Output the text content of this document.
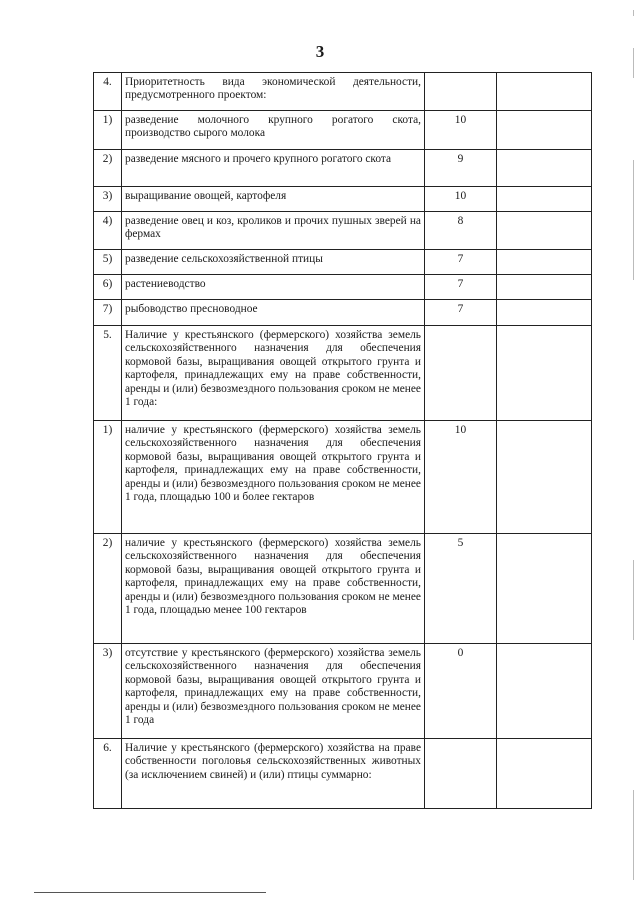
3
4.	Приоритетность вида экономической деятельности, предусмотренного проектом:		
1)	разведение молочного крупного рогатого скота, производство сырого молока	10	
2)	разведение мясного и прочего крупного рогатого скота	9	
3)	выращивание овощей, картофеля	10	
4)	разведение овец и коз, кроликов и прочих пушных зверей на фермах	8	
5)	разведение сельскохозяйственной птицы	7	
6)	растениеводство	7	
7)	рыбоводство пресноводное	7	
5.	Наличие у крестьянского (фермерского) хозяйства земель сельскохозяйственного назначения для обеспечения кормовой базы, выращивания овощей открытого грунта и картофеля, принадлежащих ему на праве собственности, аренды и (или) безвозмездного пользования сроком не менее 1 года:		
1)	наличие у крестьянского (фермерского) хозяйства земель сельскохозяйственного назначения для обеспечения кормовой базы, выращивания овощей открытого грунта и картофеля, принадлежащих ему на праве собственности, аренды и (или) безвозмездного пользования сроком не менее 1 года, площадью 100 и более гектаров	10	
2)	наличие у крестьянского (фермерского) хозяйства земель сельскохозяйственного назначения для обеспечения кормовой базы, выращивания овощей открытого грунта и картофеля, принадлежащих ему на праве собственности, аренды и (или) безвозмездного пользования сроком не менее 1 года, площадью менее 100 гектаров	5	
3)	отсутствие у крестьянского (фермерского) хозяйства земель сельскохозяйственного назначения для обеспечения кормовой базы, выращивания овощей открытого грунта и картофеля, принадлежащих ему на праве собственности, аренды и (или) безвозмездного пользования сроком не менее 1 года	0	
6.	Наличие у крестьянского (фермерского) хозяйства на праве собственности поголовья сельскохозяйственных животных (за исключением свиней) и (или) птицы суммарно:		
